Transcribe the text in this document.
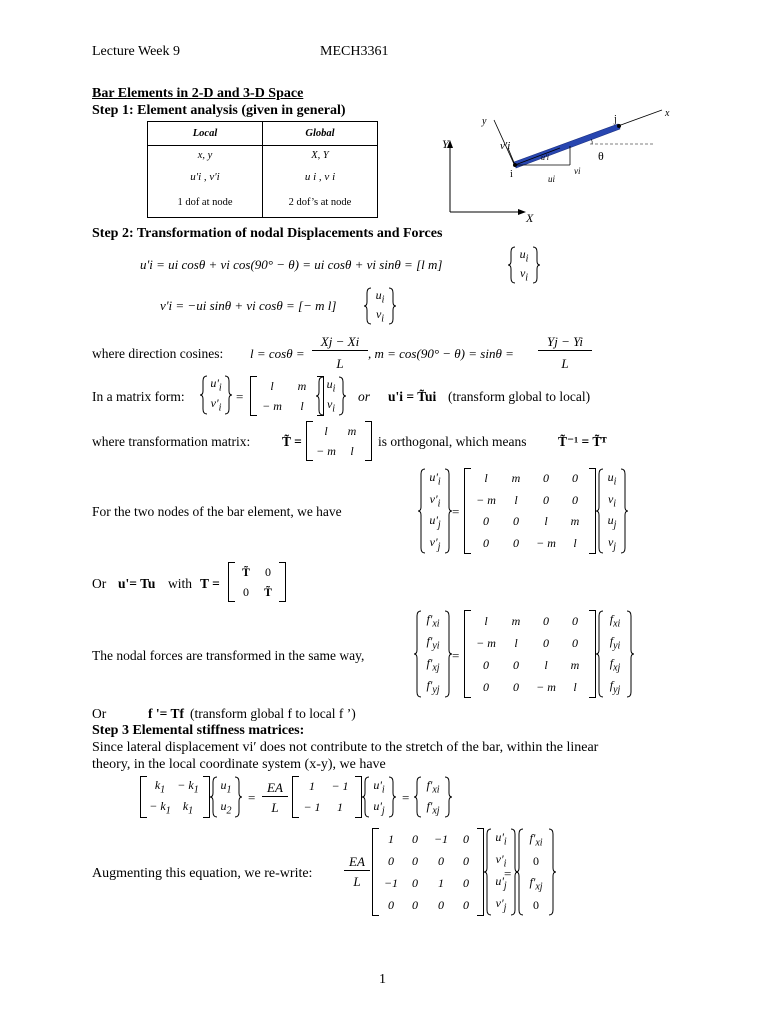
Lecture Week 9	MECH3361
Bar Elements in 2-D and 3-D Space
Step 1: Element analysis (given in general)
Local	Global
x, y	X, Y
u'i , v'i	u i , v i
1 dof at node	2 dof’s at node
Y
X
x
y
i
j
v'i
u'i
ui
vi
θ
Step 2: Transformation of nodal Displacements and Forces
u'i = ui cosθ + vi cos(90° − θ) = ui cosθ + vi sinθ = [l m]
$u_i$
$v_i$
v'i = −ui sinθ + vi cosθ = [− m l]
$u_i$
$v_i$
where direction cosines: l = cosθ =
Xj − Xi
L
, m = cos(90° − θ) = sinθ =
Yj − Yi
L
In a matrix form:
$u'_i$
$v'_i$
=
l	m
− m	l
$u_i$
$v_i$
or u'i = T̃ui (transform global to local)
where transformation matrix: T̃ =
l	m
− m	l
is orthogonal, which means T̃⁻¹ = T̃ᵀ
For the two nodes of the bar element, we have
$u'_i$
$v'_i$
$u'_j$
$v'_j$
=
l	m	0	0
− m	l	0	0
0	0	l	m
0	0	− m	l
$u_i$
$v_i$
$u_j$
$v_j$
Or u'= Tu with T =
T̃	0
0	T̃
The nodal forces are transformed in the same way,
$f'_{xi}$
$f'_{yi}$
$f'_{xj}$
$f'_{yj}$
=
l	m	0	0
− m	l	0	0
0	0	l	m
0	0	− m	l
$f_{xi}$
$f_{yi}$
$f_{xj}$
$f_{yj}$
Or	f '= Tf (transform global f to local f ’)
Step 3 Elemental stiffness matrices:
Since lateral displacement vi′ does not contribute to the stretch of the bar, within the linear
theory, in the local coordinate system (x-y), we have
$k_1$	− $k_1$
− $k_1$	$k_1$
$u_1$
$u_2$
=
EA
L
1	− 1
− 1	1
$u'_i$
$u'_j$
=
$f'_{xi}$
$f'_{xj}$
Augmenting this equation, we re-write:
EA
L
1	0	−1	0
0	0	0	0
−1	0	1	0
0	0	0	0
$u'_i$
$v'_i$
$u'_j$
$v'_j$
=
$f'_{xi}$
0
$f'_{xj}$
0
1
